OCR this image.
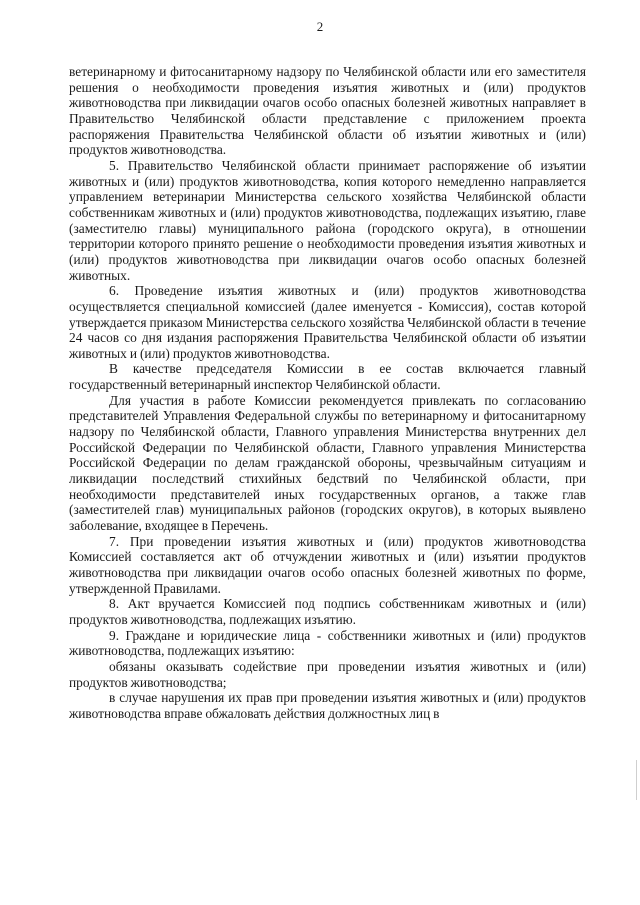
2

ветеринарному и фитосанитарному надзору по Челябинской области или его заместителя решения о необходимости проведения изъятия животных и (или) продуктов животноводства при ликвидации очагов особо опасных болезней животных направляет в Правительство Челябинской области представление с приложением проекта распоряжения Правительства Челябинской области об изъятии животных и (или) продуктов животноводства.

5. Правительство Челябинской области принимает распоряжение об изъятии животных и (или) продуктов животноводства, копия которого немедленно направляется управлением ветеринарии Министерства сельского хозяйства Челябинской области собственникам животных и (или) продуктов животноводства, подлежащих изъятию, главе (заместителю главы) муниципального района (городского округа), в отношении территории которого принято решение о необходимости проведения изъятия животных и (или) продуктов животноводства при ликвидации очагов особо опасных болезней животных.

6. Проведение изъятия животных и (или) продуктов животноводства осуществляется специальной комиссией (далее именуется - Комиссия), состав которой утверждается приказом Министерства сельского хозяйства Челябинской области в течение 24 часов со дня издания распоряжения Правительства Челябинской области об изъятии животных и (или) продуктов животноводства.

В качестве председателя Комиссии в ее состав включается главный государственный ветеринарный инспектор Челябинской области.

Для участия в работе Комиссии рекомендуется привлекать по согласованию представителей Управления Федеральной службы по ветеринарному и фитосанитарному надзору по Челябинской области, Главного управления Министерства внутренних дел Российской Федерации по Челябинской области, Главного управления Министерства Российской Федерации по делам гражданской обороны, чрезвычайным ситуациям и ликвидации последствий стихийных бедствий по Челябинской области, при необходимости представителей иных государственных органов, а также глав (заместителей глав) муниципальных районов (городских округов), в которых выявлено заболевание, входящее в Перечень.

7. При проведении изъятия животных и (или) продуктов животноводства Комиссией составляется акт об отчуждении животных и (или) изъятии продуктов животноводства при ликвидации очагов особо опасных болезней животных по форме, утвержденной Правилами.

8. Акт вручается Комиссией под подпись собственникам животных и (или) продуктов животноводства, подлежащих изъятию.

9. Граждане и юридические лица - собственники животных и (или) продуктов животноводства, подлежащих изъятию:

обязаны оказывать содействие при проведении изъятия животных и (или) продуктов животноводства;

в случае нарушения их прав при проведении изъятия животных и (или) продуктов животноводства вправе обжаловать действия должностных лиц в
